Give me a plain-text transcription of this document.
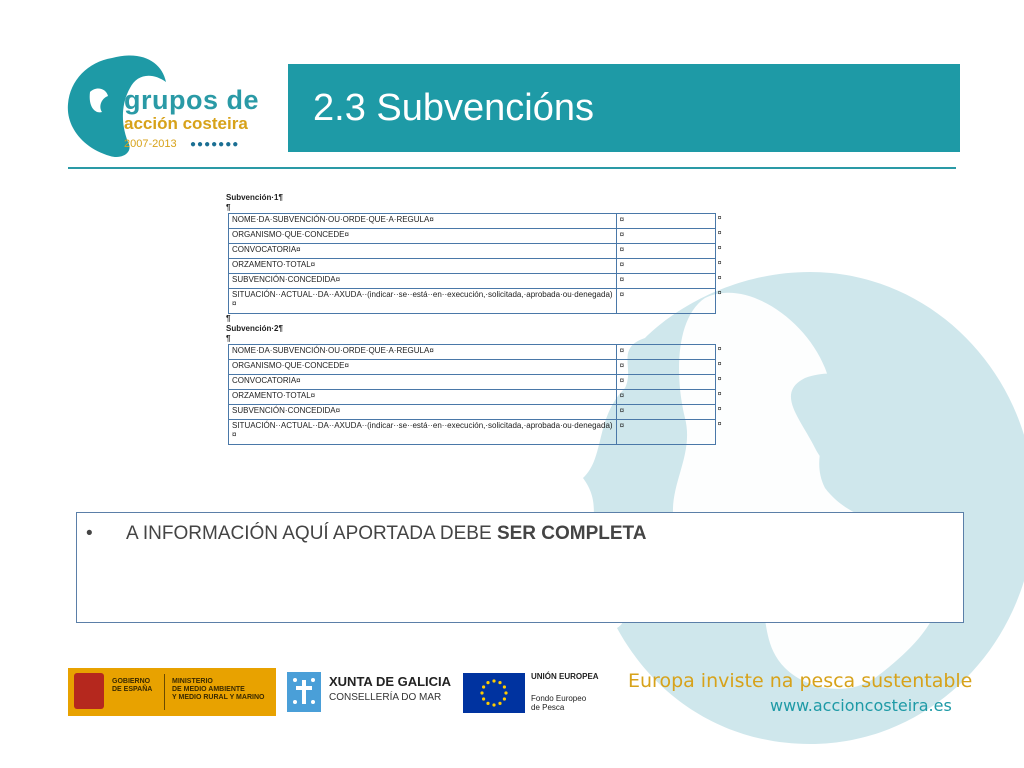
grupos de
acción costeira
2007-2013 ●●●●●●●
2.3 Subvencións
Subvención·1¶
¶
NOME·DA·SUBVENCIÓN·OU·ORDE·QUE·A·REGULA¤	¤	¤
ORGANISMO·QUE·CONCEDE¤	¤	¤
CONVOCATORIA¤	¤	¤
ORZAMENTO·TOTAL¤	¤	¤
SUBVENCIÓN·CONCEDIDA¤	¤	¤
SITUACIÓN··ACTUAL··DA··AXUDA··(indicar··se··está··en··execución,·solicitada,·aprobada·ou·denegada)¤	¤	¤
¶
Subvención·2¶
¶
NOME·DA·SUBVENCIÓN·OU·ORDE·QUE·A·REGULA¤	¤	¤
ORGANISMO·QUE·CONCEDE¤	¤	¤
CONVOCATORIA¤	¤	¤
ORZAMENTO·TOTAL¤	¤	¤
SUBVENCIÓN·CONCEDIDA¤	¤	¤
SITUACIÓN··ACTUAL··DA··AXUDA··(indicar··se··está··en··execución,·solicitada,·aprobada·ou·denegada)¤	¤	¤
• A INFORMACIÓN AQUÍ APORTADA DEBE SER COMPLETA
GOBIERNO
DE ESPAÑA
MINISTERIO
DE MEDIO AMBIENTE
Y MEDIO RURAL Y MARINO
XUNTA DE GALICIA
CONSELLERÍA DO MAR
UNIÓN EUROPEA
Fondo Europeo
de Pesca
Europa inviste na pesca sustentable
www.accioncosteira.es
